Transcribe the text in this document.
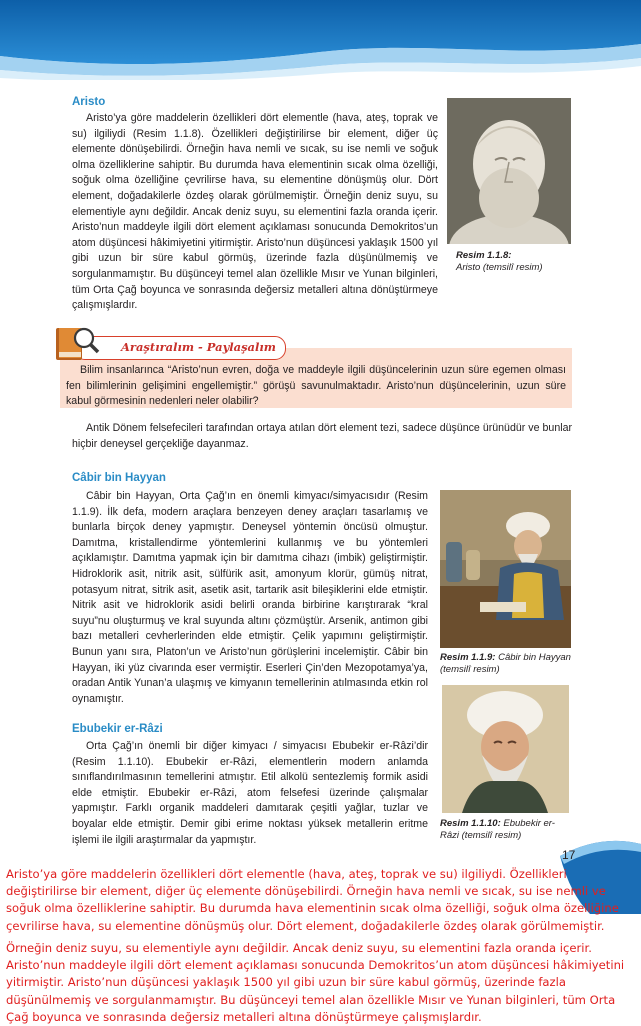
Aristo

Aristo’ya göre maddelerin özellikleri dört elementle (hava, ateş, toprak ve su) ilgiliydi (Resim 1.1.8). Özellikleri değiştirilirse bir element, diğer üç elemente dönüşebilirdi. Örneğin hava nemli ve sıcak, su ise nemli ve soğuk olma özelliklerine sahiptir. Bu durumda hava elementinin sıcak olma özelliği, soğuk olma özelliğine çevrilirse hava, su elementine dönüşmüş olur. Dört element, doğadakilerle özdeş olarak görülmemiştir. Örneğin deniz suyu, su elementiyle aynı değildir. Ancak deniz suyu, su elementini fazla oranda içerir. Aristo’nun maddeyle ilgili dört element açıklaması sonucunda Demokritos’un atom düşüncesi hâkimiyetini yitirmiştir. Aristo’nun düşüncesi yaklaşık 1500 yıl gibi uzun bir süre kabul görmüş, üzerinde fazla düşünülmemiş ve sorgulanmamıştır. Bu düşünceyi temel alan özellikle Mısır ve Yunan bilginleri, tüm Orta Çağ boyunca ve sonrasında değersiz metalleri altına dönüştürmeye çalışmışlardır.

Resim 1.1.8:
Aristo (temsilî resim)
Araştıralım - Paylaşalım

Bilim insanlarınca “Aristo’nun evren, doğa ve maddeyle ilgili düşüncelerinin uzun süre egemen olması fen bilimlerinin gelişimini engellemiştir.” görüşü savunulmaktadır. Aristo’nun düşüncelerinin, uzun süre kabul görmesinin nedenleri neler olabilir?

Antik Dönem felsefecileri tarafından ortaya atılan dört element tezi, sadece düşünce ürünüdür ve bunlar hiçbir deneysel gerçekliğe dayanmaz.

Câbir bin Hayyan

Câbir bin Hayyan, Orta Çağ’ın en önemli kimyacı/simyacısıdır (Resim 1.1.9). İlk defa, modern araçlara benzeyen deney araçları tasarlamış ve bunlarla birçok deney yapmıştır. Deneysel yöntemin öncüsü olmuştur. Damıtma, kristallendirme yöntemlerini kullanmış ve bu yöntemleri açıklamıştır. Damıtma yapmak için bir damıtma cihazı (imbik) geliştirmiştir. Hidroklorik asit, nitrik asit, sülfürik asit, amonyum klorür, gümüş nitrat, potasyum nitrat, sitrik asit, asetik asit, tartarik asit bileşiklerini elde etmiştir. Nitrik asit ve hidroklorik asidi belirli oranda birbirine karıştırarak “kral suyu”nu oluşturmuş ve kral suyunda altını çözmüştür. Arsenik, antimon gibi bazı metalleri cevherlerinden elde etmiştir. Çelik yapımını geliştirmiştir. Bunun yanı sıra, Platon’un ve Aristo’nun görüşlerini incelemiştir. Câbir bin Hayyan, iki yüz civarında eser vermiştir. Eserleri Çin’den Mezopotamya’ya, oradan Antik Yunan’a ulaşmış ve kimyanın temellerinin atılmasında etkin rol oynamıştır.

Resim 1.1.9: Câbir bin Hayyan (temsilî resim)
Ebubekir er-Râzi

Orta Çağ’ın önemli bir diğer kimyacı / simyacısı Ebubekir er-Râzi’dir (Resim 1.1.10). Ebubekir er-Râzi, elementlerin modern anlamda sınıflandırılmasının temellerini atmıştır. Etil alkolü sentezlemiş formik asidi elde etmiştir. Ebubekir er-Râzi, atom felsefesi üzerinde çalışmalar yapmıştır. Farklı organik maddeleri damıtarak çeşitli yağlar, tuzlar ve boyalar elde etmiştir. Demir gibi erime noktası yüksek metallerin eritme işlemi ile ilgili araştırmalar da yapmıştır.

Resim 1.1.10: Ebubekir er-Râzi (temsilî resim)
17

Aristo’ya göre maddelerin özellikleri dört elementle (hava, ateş, toprak ve su) ilgiliydi. Özellikleri değiştirilirse bir element, diğer üç elemente dönüşebilirdi. Örneğin hava nemli ve sıcak, su ise nemli ve soğuk olma özelliklerine sahiptir. Bu durumda hava elementinin sıcak olma özelliği, soğuk olma özelliğine çevrilirse hava, su elementine dönüşmüş olur. Dört element, doğadakilerle özdeş olarak görülmemiştir.

Örneğin deniz suyu, su elementiyle aynı değildir. Ancak deniz suyu, su elementini fazla oranda içerir. Aristo’nun maddeyle ilgili dört element açıklaması sonucunda Demokritos’un atom düşüncesi hâkimiyetini yitirmiştir. Aristo’nun düşüncesi yaklaşık 1500 yıl gibi uzun bir süre kabul görmüş, üzerinde fazla düşünülmemiş ve sorgulanmamıştır. Bu düşünceyi temel alan özellikle Mısır ve Yunan bilginleri, tüm Orta Çağ boyunca ve sonrasında değersiz metalleri altına dönüştürmeye çalışmışlardır.
